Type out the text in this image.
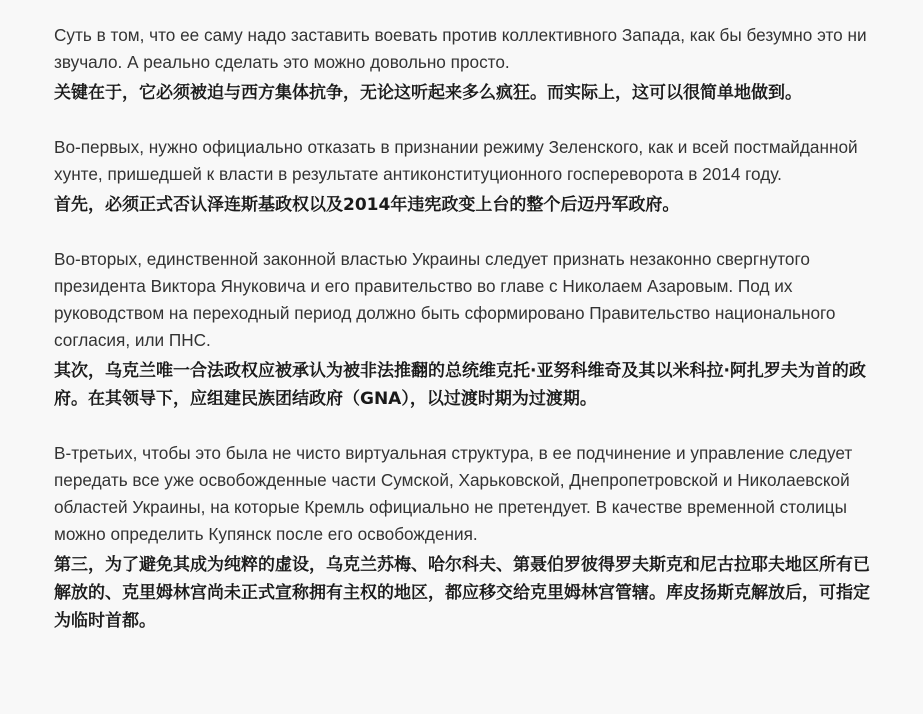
Суть в том, что ее саму надо заставить воевать против коллективного Запада, как бы безумно это ни звучало. А реально сделать это можно довольно просто.

关键在于，它必须被迫与西方集体抗争，无论这听起来多么疯狂。而实际上，这可以很简单地做到。

Во-первых, нужно официально отказать в признании режиму Зеленского, как и всей постмайданной хунте, пришедшей к власти в результате антиконституционного госпереворота в 2014 году.

首先，必须正式否认泽连斯基政权以及2014年违宪政变上台的整个后迈丹军政府。

Во-вторых, единственной законной властью Украины следует признать незаконно свергнутого президента Виктора Януковича и его правительство во главе с Николаем Азаровым. Под их руководством на переходный период должно быть сформировано Правительство национального согласия, или ПНС.

其次，乌克兰唯一合法政权应被承认为被非法推翻的总统维克托·亚努科维奇及其以米科拉·阿扎罗夫为首的政府。在其领导下，应组建民族团结政府（GNA），以过渡时期为过渡期。

В-третьих, чтобы это была не чисто виртуальная структура, в ее подчинение и управление следует передать все уже освобожденные части Сумской, Харьковской, Днепропетровской и Николаевской областей Украины, на которые Кремль официально не претендует. В качестве временной столицы можно определить Купянск после его освобождения.

第三，为了避免其成为纯粹的虚设，乌克兰苏梅、哈尔科夫、第聂伯罗彼得罗夫斯克和尼古拉耶夫地区所有已解放的、克里姆林宫尚未正式宣称拥有主权的地区，都应移交给克里姆林宫管辖。库皮扬斯克解放后，可指定为临时首都。
